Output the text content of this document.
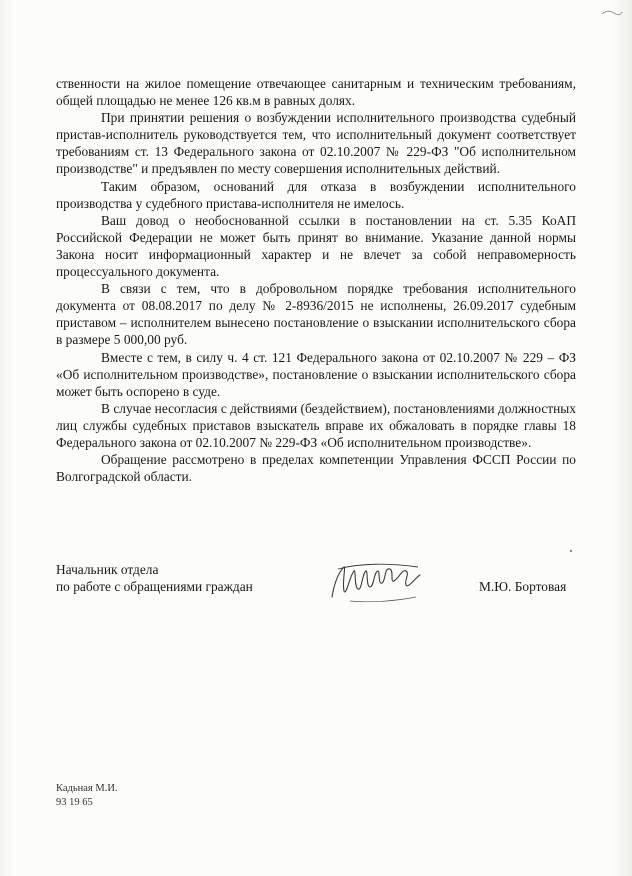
ственности на жилое помещение отвечающее санитарным и техническим требованиям, общей площадью не менее 126 кв.м в равных долях.

При принятии решения о возбуждении исполнительного производства судебный пристав-исполнитель руководствуется тем, что исполнительный документ соответствует требованиям ст. 13 Федерального закона от 02.10.2007 № 229-ФЗ "Об исполнительном производстве" и предъявлен по месту совершения исполнительных действий.

Таким образом, оснований для отказа в возбуждении исполнительного производства у судебного пристава-исполнителя не имелось.

Ваш довод о необоснованной ссылки в постановлении на ст. 5.35 КоАП Российской Федерации не может быть принят во внимание. Указание данной нормы Закона носит информационный характер и не влечет за собой неправомерность процессуального документа.

В связи с тем, что в добровольном порядке требования исполнительного документа от 08.08.2017 по делу № 2-8936/2015 не исполнены, 26.09.2017 судебным приставом – исполнителем вынесено постановление о взыскании исполнительского сбора в размере 5 000,00 руб.

Вместе с тем, в силу ч. 4 ст. 121 Федерального закона от 02.10.2007 № 229 – ФЗ «Об исполнительном производстве», постановление о взыскании исполнительского сбора может быть оспорено в суде.

В случае несогласия с действиями (бездействием), постановлениями должностных лиц службы судебных приставов взыскатель вправе их обжаловать в порядке главы 18 Федерального закона от 02.10.2007 № 229-ФЗ «Об исполнительном производстве».

Обращение рассмотрено в пределах компетенции Управления ФССП России по Волгоградской области.

Начальник отдела
по работе с обращениями граждан	М.Ю. Бортовая
Кадьная М.И.
93 19 65
